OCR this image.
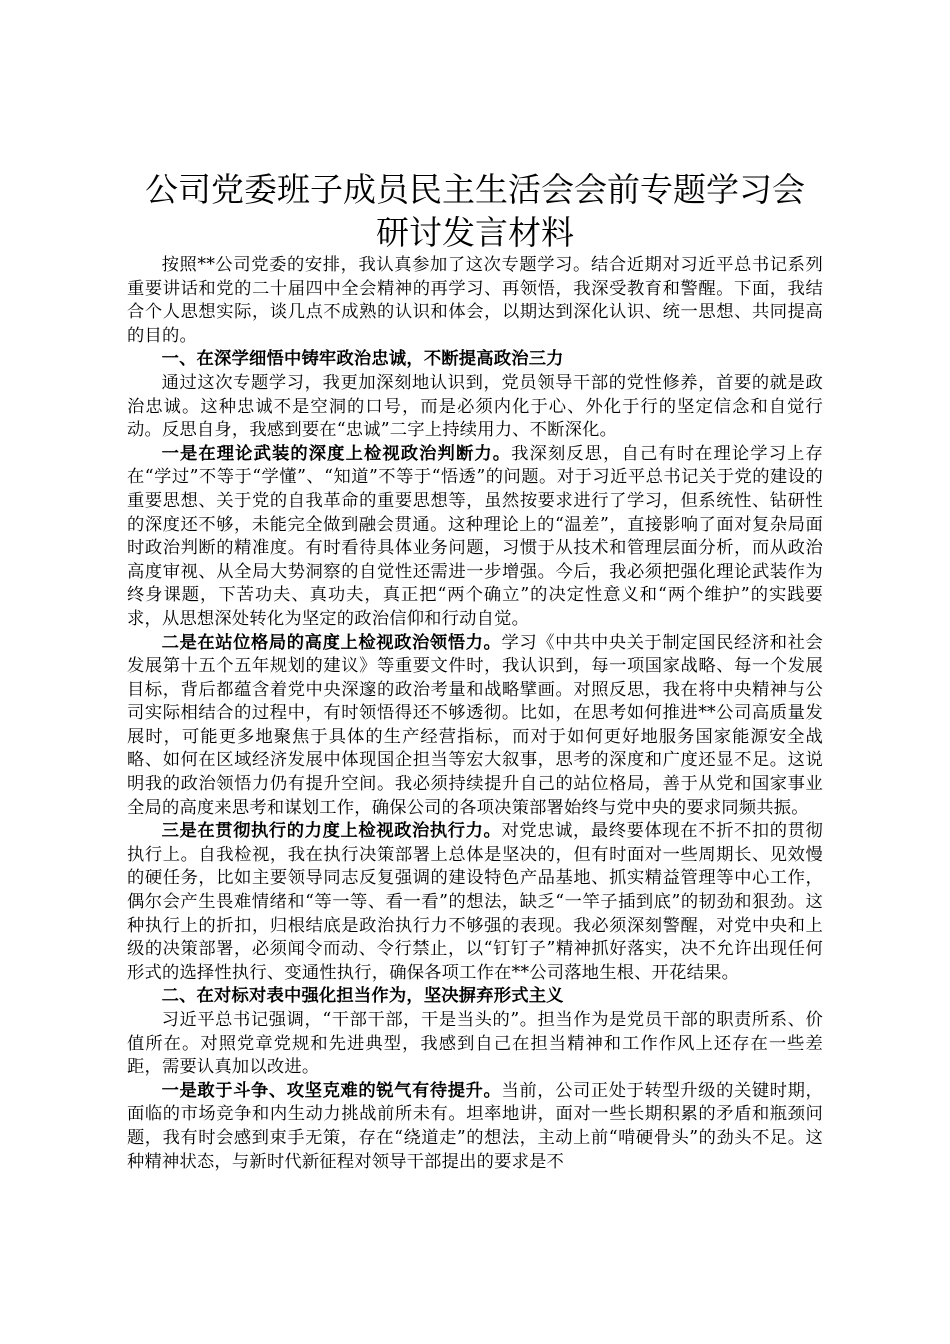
公司党委班子成员民主生活会会前专题学习会
研讨发言材料

按照**公司党委的安排，我认真参加了这次专题学习。结合近期对习近平总书记系列重要讲话和党的二十届四中全会精神的再学习、再领悟，我深受教育和警醒。下面，我结合个人思想实际，谈几点不成熟的认识和体会，以期达到深化认识、统一思想、共同提高的目的。

一、在深学细悟中铸牢政治忠诚，不断提高政治三力

通过这次专题学习，我更加深刻地认识到，党员领导干部的党性修养，首要的就是政治忠诚。这种忠诚不是空洞的口号，而是必须内化于心、外化于行的坚定信念和自觉行动。反思自身，我感到要在“忠诚”二字上持续用力、不断深化。

一是在理论武装的深度上检视政治判断力。我深刻反思，自己有时在理论学习上存在“学过”不等于“学懂”、“知道”不等于“悟透”的问题。对于习近平总书记关于党的建设的重要思想、关于党的自我革命的重要思想等，虽然按要求进行了学习，但系统性、钻研性的深度还不够，未能完全做到融会贯通。这种理论上的“温差”，直接影响了面对复杂局面时政治判断的精准度。有时看待具体业务问题，习惯于从技术和管理层面分析，而从政治高度审视、从全局大势洞察的自觉性还需进一步增强。今后，我必须把强化理论武装作为终身课题，下苦功夫、真功夫，真正把“两个确立”的决定性意义和“两个维护”的实践要求，从思想深处转化为坚定的政治信仰和行动自觉。

二是在站位格局的高度上检视政治领悟力。学习《中共中央关于制定国民经济和社会发展第十五个五年规划的建议》等重要文件时，我认识到，每一项国家战略、每一个发展目标，背后都蕴含着党中央深邃的政治考量和战略擘画。对照反思，我在将中央精神与公司实际相结合的过程中，有时领悟得还不够透彻。比如，在思考如何推进**公司高质量发展时，可能更多地聚焦于具体的生产经营指标，而对于如何更好地服务国家能源安全战略、如何在区域经济发展中体现国企担当等宏大叙事，思考的深度和广度还显不足。这说明我的政治领悟力仍有提升空间。我必须持续提升自己的站位格局，善于从党和国家事业全局的高度来思考和谋划工作，确保公司的各项决策部署始终与党中央的要求同频共振。

三是在贯彻执行的力度上检视政治执行力。对党忠诚，最终要体现在不折不扣的贯彻执行上。自我检视，我在执行决策部署上总体是坚决的，但有时面对一些周期长、见效慢的硬任务，比如主要领导同志反复强调的建设特色产品基地、抓实精益管理等中心工作，偶尔会产生畏难情绪和“等一等、看一看”的想法，缺乏“一竿子插到底”的韧劲和狠劲。这种执行上的折扣，归根结底是政治执行力不够强的表现。我必须深刻警醒，对党中央和上级的决策部署，必须闻令而动、令行禁止，以“钉钉子”精神抓好落实，决不允许出现任何形式的选择性执行、变通性执行，确保各项工作在**公司落地生根、开花结果。

二、在对标对表中强化担当作为，坚决摒弃形式主义

习近平总书记强调，“干部干部，干是当头的”。担当作为是党员干部的职责所系、价值所在。对照党章党规和先进典型，我感到自己在担当精神和工作作风上还存在一些差距，需要认真加以改进。

一是敢于斗争、攻坚克难的锐气有待提升。当前，公司正处于转型升级的关键时期，面临的市场竞争和内生动力挑战前所未有。坦率地讲，面对一些长期积累的矛盾和瓶颈问题，我有时会感到束手无策，存在“绕道走”的想法，主动上前“啃硬骨头”的劲头不足。这种精神状态，与新时代新征程对领导干部提出的要求是不
